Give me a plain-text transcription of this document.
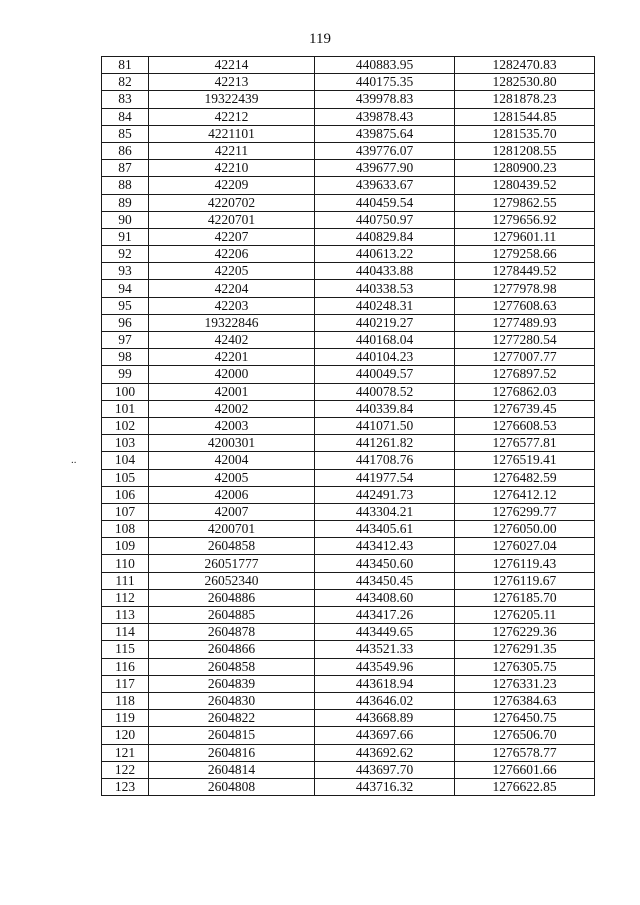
119
..
81	42214	440883.95	1282470.83
82	42213	440175.35	1282530.80
83	19322439	439978.83	1281878.23
84	42212	439878.43	1281544.85
85	4221101	439875.64	1281535.70
86	42211	439776.07	1281208.55
87	42210	439677.90	1280900.23
88	42209	439633.67	1280439.52
89	4220702	440459.54	1279862.55
90	4220701	440750.97	1279656.92
91	42207	440829.84	1279601.11
92	42206	440613.22	1279258.66
93	42205	440433.88	1278449.52
94	42204	440338.53	1277978.98
95	42203	440248.31	1277608.63
96	19322846	440219.27	1277489.93
97	42402	440168.04	1277280.54
98	42201	440104.23	1277007.77
99	42000	440049.57	1276897.52
100	42001	440078.52	1276862.03
101	42002	440339.84	1276739.45
102	42003	441071.50	1276608.53
103	4200301	441261.82	1276577.81
104	42004	441708.76	1276519.41
105	42005	441977.54	1276482.59
106	42006	442491.73	1276412.12
107	42007	443304.21	1276299.77
108	4200701	443405.61	1276050.00
109	2604858	443412.43	1276027.04
110	26051777	443450.60	1276119.43
111	26052340	443450.45	1276119.67
112	2604886	443408.60	1276185.70
113	2604885	443417.26	1276205.11
114	2604878	443449.65	1276229.36
115	2604866	443521.33	1276291.35
116	2604858	443549.96	1276305.75
117	2604839	443618.94	1276331.23
118	2604830	443646.02	1276384.63
119	2604822	443668.89	1276450.75
120	2604815	443697.66	1276506.70
121	2604816	443692.62	1276578.77
122	2604814	443697.70	1276601.66
123	2604808	443716.32	1276622.85
